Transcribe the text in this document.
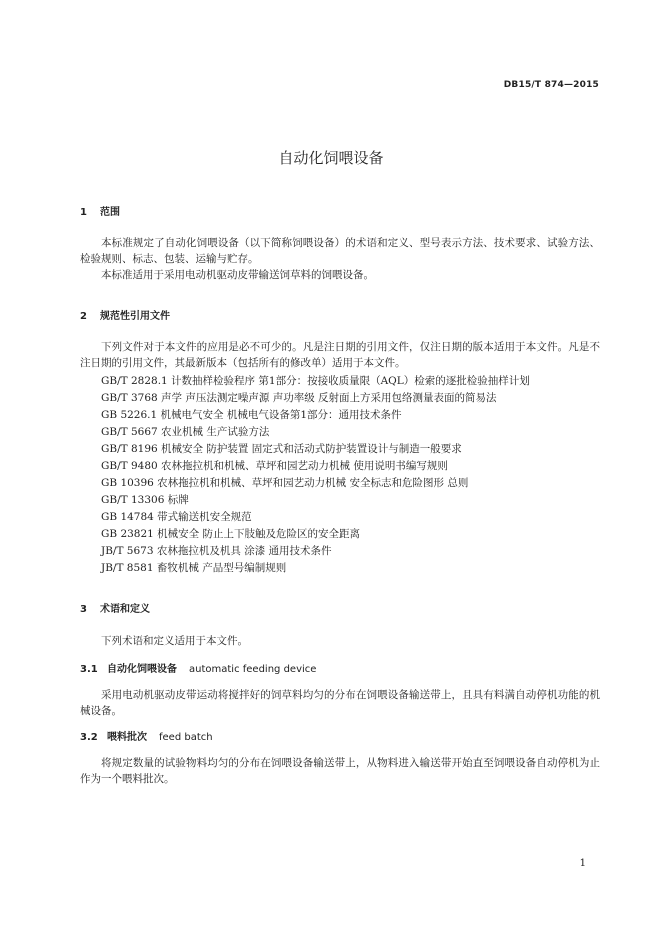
DB15/T 874—2015
自动化饲喂设备
1 范围
本标准规定了自动化饲喂设备（以下简称饲喂设备）的术语和定义、型号表示方法、技术要求、试验方法、检验规则、标志、包装、运输与贮存。
本标准适用于采用电动机驱动皮带输送饲草料的饲喂设备。
2 规范性引用文件
下列文件对于本文件的应用是必不可少的。凡是注日期的引用文件，仅注日期的版本适用于本文件。凡是不注日期的引用文件，其最新版本（包括所有的修改单）适用于本文件。
GB/T 2828.1 计数抽样检验程序 第1部分：按接收质量限（AQL）检索的逐批检验抽样计划
GB/T 3768 声学 声压法测定噪声源 声功率级 反射面上方采用包络测量表面的简易法
GB 5226.1 机械电气安全 机械电气设备第1部分：通用技术条件
GB/T 5667 农业机械 生产试验方法
GB/T 8196 机械安全 防护装置 固定式和活动式防护装置设计与制造一般要求
GB/T 9480 农林拖拉机和机械、草坪和园艺动力机械 使用说明书编写规则
GB 10396 农林拖拉机和机械、草坪和园艺动力机械 安全标志和危险图形 总则
GB/T 13306 标牌
GB 14784 带式输送机安全规范
GB 23821 机械安全 防止上下肢触及危险区的安全距离
JB/T 5673 农林拖拉机及机具 涂漆 通用技术条件
JB/T 8581 畜牧机械 产品型号编制规则
3 术语和定义
下列术语和定义适用于本文件。
3.1 自动化饲喂设备 automatic feeding device
采用电动机驱动皮带运动将搅拌好的饲草料均匀的分布在饲喂设备输送带上，且具有料满自动停机功能的机械设备。
3.2 喂料批次 feed batch
将规定数量的试验物料均匀的分布在饲喂设备输送带上，从物料进入输送带开始直至饲喂设备自动停机为止作为一个喂料批次。
1
